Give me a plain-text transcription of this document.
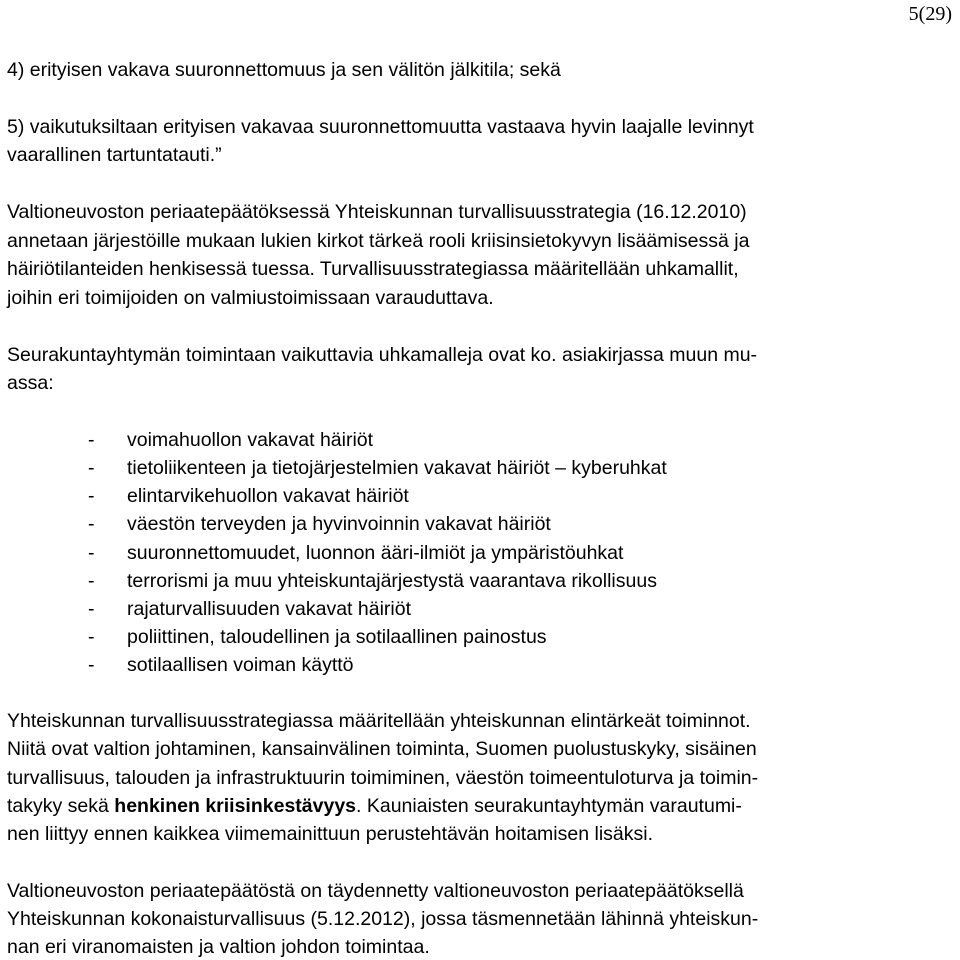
5(29)
4) erityisen vakava suuronnettomuus ja sen välitön jälkitila; sekä
5) vaikutuksiltaan erityisen vakavaa suuronnettomuutta vastaava hyvin laajalle levinnyt
vaarallinen tartuntatauti.”
Valtioneuvoston periaatepäätöksessä Yhteiskunnan turvallisuusstrategia (16.12.2010)
annetaan järjestöille mukaan lukien kirkot tärkeä rooli kriisinsietokyvyn lisäämisessä ja
häiriötilanteiden henkisessä tuessa. Turvallisuusstrategiassa määritellään uhkamallit,
joihin eri toimijoiden on valmiustoimissaan varauduttava.
Seurakuntayhtymän toimintaan vaikuttavia uhkamalleja ovat ko. asiakirjassa muun mu-
assa:
- voimahuollon vakavat häiriöt
- tietoliikenteen ja tietojärjestelmien vakavat häiriöt – kyberuhkat
- elintarvikehuollon vakavat häiriöt
- väestön terveyden ja hyvinvoinnin vakavat häiriöt
- suuronnettomuudet, luonnon ääri-ilmiöt ja ympäristöuhkat
- terrorismi ja muu yhteiskuntajärjestystä vaarantava rikollisuus
- rajaturvallisuuden vakavat häiriöt
- poliittinen, taloudellinen ja sotilaallinen painostus
- sotilaallisen voiman käyttö
Yhteiskunnan turvallisuusstrategiassa määritellään yhteiskunnan elintärkeät toiminnot.
Niitä ovat valtion johtaminen, kansainvälinen toiminta, Suomen puolustuskyky, sisäinen
turvallisuus, talouden ja infrastruktuurin toimiminen, väestön toimeentuloturva ja toimin-
takyky sekä henkinen kriisinkestävyys. Kauniaisten seurakuntayhtymän varautumi-
nen liittyy ennen kaikkea viimemainittuun perustehtävän hoitamisen lisäksi.
Valtioneuvoston periaatepäätöstä on täydennetty valtioneuvoston periaatepäätöksellä
Yhteiskunnan kokonaisturvallisuus (5.12.2012), jossa täsmennetään lähinnä yhteiskun-
nan eri viranomaisten ja valtion johdon toimintaa.
